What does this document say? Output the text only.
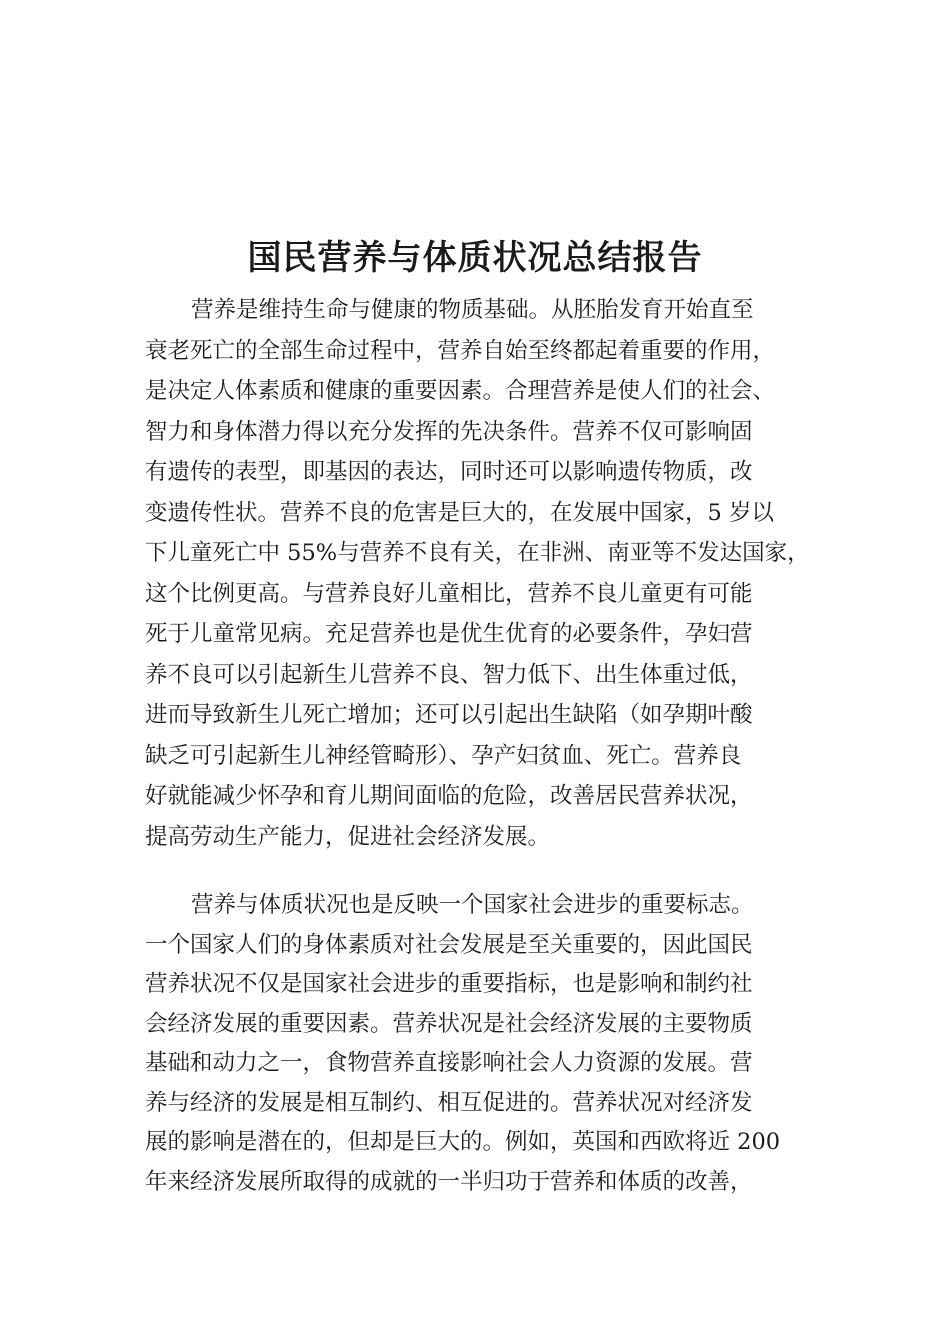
国民营养与体质状况总结报告
营养是维持生命与健康的物质基础。从胚胎发育开始直至
衰老死亡的全部生命过程中，营养自始至终都起着重要的作用，
是决定人体素质和健康的重要因素。合理营养是使人们的社会、
智力和身体潜力得以充分发挥的先决条件。营养不仅可影响固
有遗传的表型，即基因的表达，同时还可以影响遗传物质，改
变遗传性状。营养不良的危害是巨大的，在发展中国家，5 岁以
下儿童死亡中 55%与营养不良有关，在非洲、南亚等不发达国家，
这个比例更高。与营养良好儿童相比，营养不良儿童更有可能
死于儿童常见病。充足营养也是优生优育的必要条件，孕妇营
养不良可以引起新生儿营养不良、智力低下、出生体重过低，
进而导致新生儿死亡增加；还可以引起出生缺陷（如孕期叶酸
缺乏可引起新生儿神经管畸形）、孕产妇贫血、死亡。营养良
好就能减少怀孕和育儿期间面临的危险，改善居民营养状况，
提高劳动生产能力，促进社会经济发展。
营养与体质状况也是反映一个国家社会进步的重要标志。
一个国家人们的身体素质对社会发展是至关重要的，因此国民
营养状况不仅是国家社会进步的重要指标，也是影响和制约社
会经济发展的重要因素。营养状况是社会经济发展的主要物质
基础和动力之一，食物营养直接影响社会人力资源的发展。营
养与经济的发展是相互制约、相互促进的。营养状况对经济发
展的影响是潜在的，但却是巨大的。例如，英国和西欧将近 200
年来经济发展所取得的成就的一半归功于营养和体质的改善，
